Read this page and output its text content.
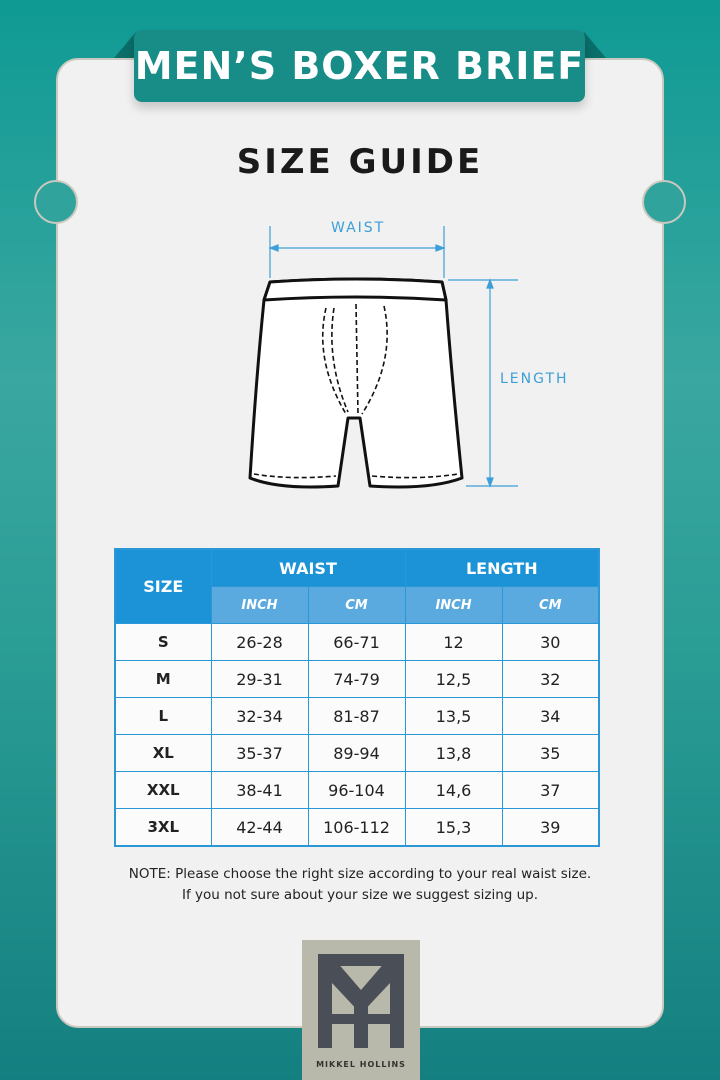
MEN’S BOXER BRIEF
SIZE GUIDE
WAIST
LENGTH
SIZE	WAIST		LENGTH	
	INCH	CM	INCH	CM
S	26-28	66-71	12	30
M	29-31	74-79	12,5	32
L	32-34	81-87	13,5	34
XL	35-37	89-94	13,8	35
XXL	38-41	96-104	14,6	37
3XL	42-44	106-112	15,3	39
NOTE: Please choose the right size according to your real waist size.
If you not sure about your size we suggest sizing up.
MIKKEL HOLLINS
